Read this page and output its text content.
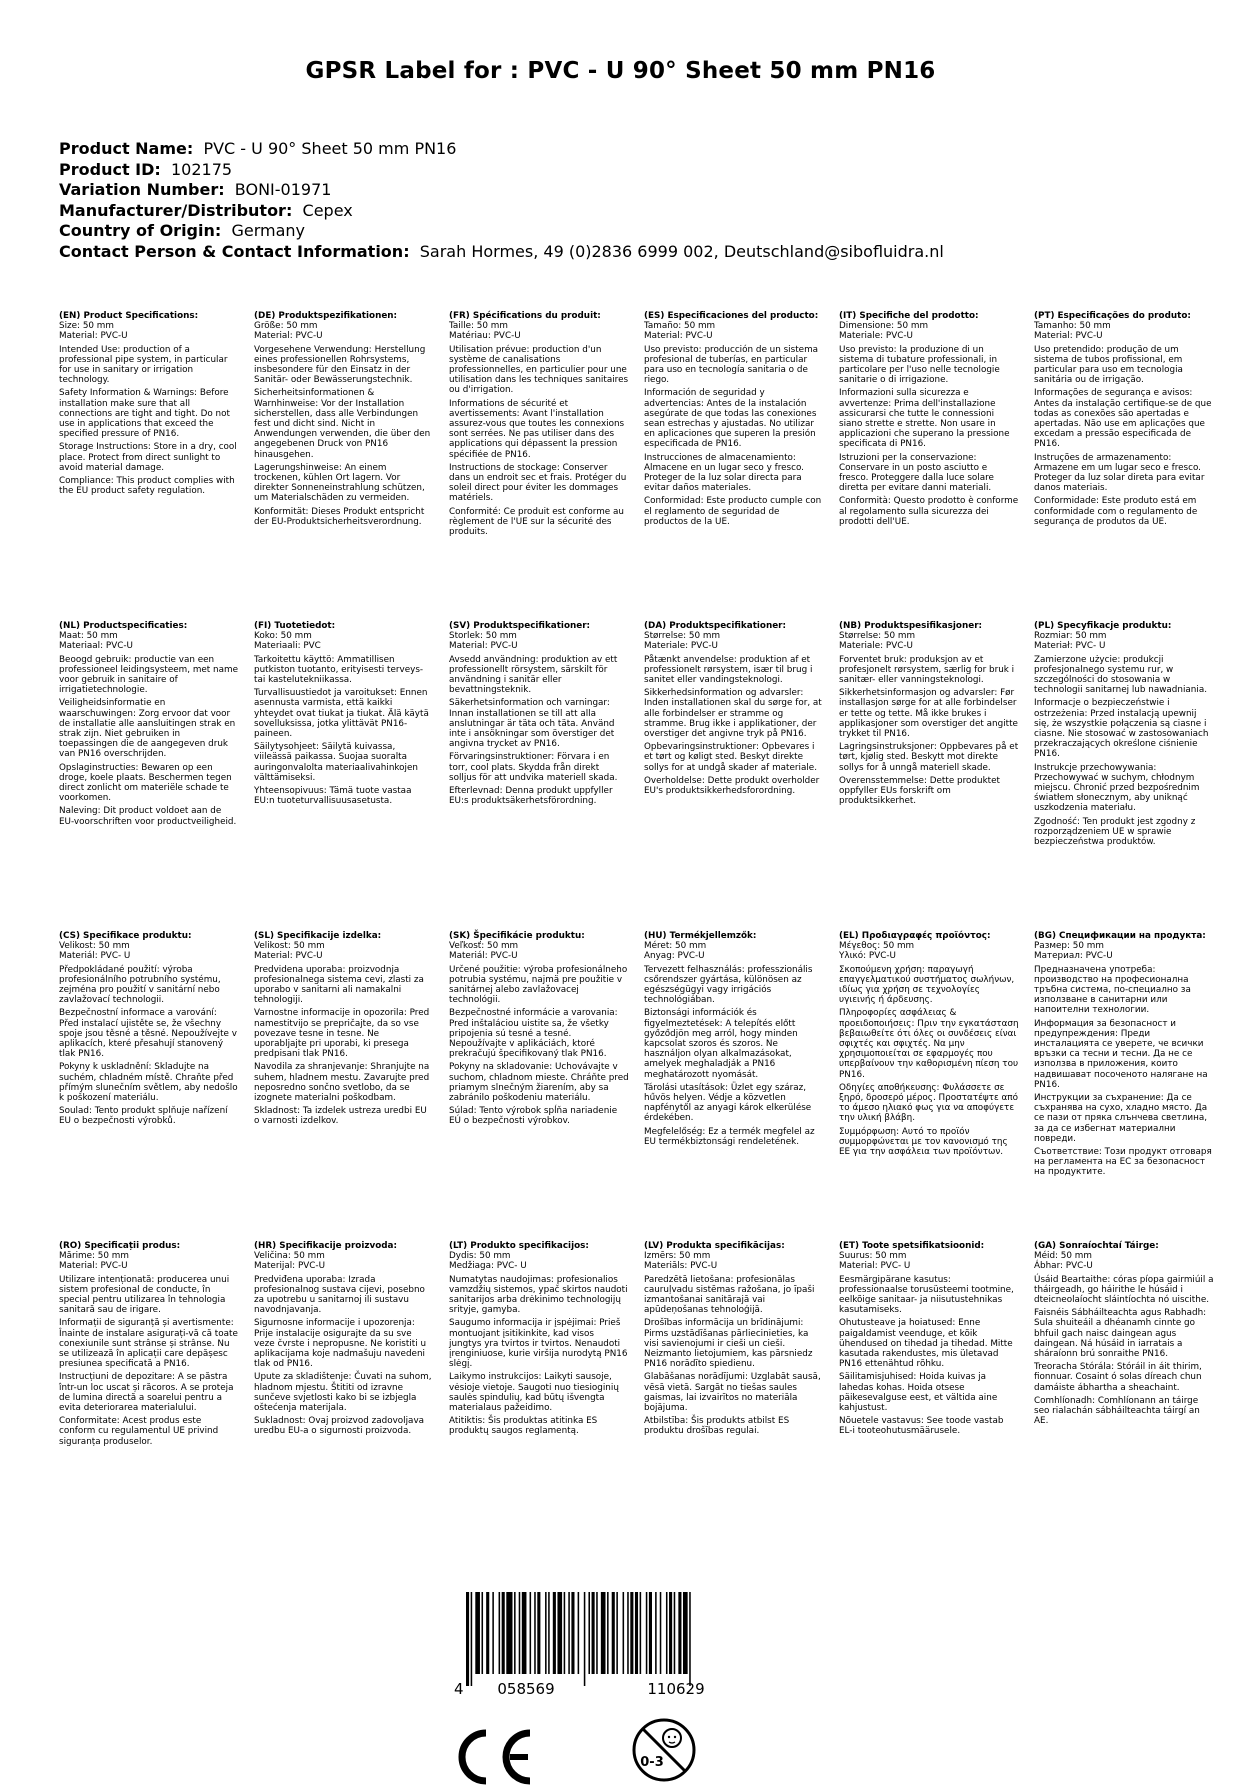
GPSR Label for : PVC - U 90° Sheet 50 mm PN16
Product Name: PVC - U 90° Sheet 50 mm PN16
Product ID: 102175
Variation Number: BONI-01971
Manufacturer/Distributor: Cepex
Country of Origin: Germany
Contact Person & Contact Information: Sarah Hormes, 49 (0)2836 6999 002, Deutschland@sibofluidra.nl

(EN) Product Specifications:

Size: 50 mm

Material: PVC-U

Intended Use: production of a professional pipe system, in particular for use in sanitary or irrigation technology.

Safety Information & Warnings: Before installation make sure that all connections are tight and tight. Do not use in applications that exceed the specified pressure of PN16.

Storage Instructions: Store in a dry, cool place. Protect from direct sunlight to avoid material damage.

Compliance: This product complies with the EU product safety regulation.

(DE) Produktspezifikationen:

Größe: 50 mm

Material: PVC-U

Vorgesehene Verwendung: Herstellung eines professionellen Rohrsystems, insbesondere für den Einsatz in der Sanitär- oder Bewässerungstechnik.

Sicherheitsinformationen & Warnhinweise: Vor der Installation sicherstellen, dass alle Verbindungen fest und dicht sind. Nicht in Anwendungen verwenden, die über den angegebenen Druck von PN16 hinausgehen.

Lagerungshinweise: An einem trockenen, kühlen Ort lagern. Vor direkter Sonneneinstrahlung schützen, um Materialschäden zu vermeiden.

Konformität: Dieses Produkt entspricht der EU-Produktsicherheitsverordnung.

(FR) Spécifications du produit:

Taille: 50 mm

Matériau: PVC-U

Utilisation prévue: production d'un système de canalisations professionnelles, en particulier pour une utilisation dans les techniques sanitaires ou d'irrigation.

Informations de sécurité et avertissements: Avant l'installation assurez-vous que toutes les connexions sont serrées. Ne pas utiliser dans des applications qui dépassent la pression spécifiée de PN16.

Instructions de stockage: Conserver dans un endroit sec et frais. Protéger du soleil direct pour éviter les dommages matériels.

Conformité: Ce produit est conforme au règlement de l'UE sur la sécurité des produits.

(ES) Especificaciones del producto:

Tamaño: 50 mm

Material: PVC-U

Uso previsto: producción de un sistema profesional de tuberías, en particular para uso en tecnología sanitaria o de riego.

Información de seguridad y advertencias: Antes de la instalación asegúrate de que todas las conexiones sean estrechas y ajustadas. No utilizar en aplicaciones que superen la presión especificada de PN16.

Instrucciones de almacenamiento: Almacene en un lugar seco y fresco. Proteger de la luz solar directa para evitar daños materiales.

Conformidad: Este producto cumple con el reglamento de seguridad de productos de la UE.

(IT) Specifiche del prodotto:

Dimensione: 50 mm

Materiale: PVC-U

Uso previsto: la produzione di un sistema di tubature professionali, in particolare per l'uso nelle tecnologie sanitarie o di irrigazione.

Informazioni sulla sicurezza e avvertenze: Prima dell'installazione assicurarsi che tutte le connessioni siano strette e strette. Non usare in applicazioni che superano la pressione specificata di PN16.

Istruzioni per la conservazione: Conservare in un posto asciutto e fresco. Proteggere dalla luce solare diretta per evitare danni materiali.

Conformità: Questo prodotto è conforme al regolamento sulla sicurezza dei prodotti dell'UE.

(PT) Especificações do produto:

Tamanho: 50 mm

Material: PVC-U

Uso pretendido: produção de um sistema de tubos profissional, em particular para uso em tecnologia sanitária ou de irrigação.

Informações de segurança e avisos: Antes da instalação certifique-se de que todas as conexões são apertadas e apertadas. Não use em aplicações que excedam a pressão especificada de PN16.

Instruções de armazenamento: Armazene em um lugar seco e fresco. Proteger da luz solar direta para evitar danos materiais.

Conformidade: Este produto está em conformidade com o regulamento de segurança de produtos da UE.

(NL) Productspecificaties:

Maat: 50 mm

Materiaal: PVC-U

Beoogd gebruik: productie van een professioneel leidingsysteem, met name voor gebruik in sanitaire of irrigatietechnologie.

Veiligheidsinformatie en waarschuwingen: Zorg ervoor dat voor de installatie alle aansluitingen strak en strak zijn. Niet gebruiken in toepassingen die de aangegeven druk van PN16 overschrijden.

Opslaginstructies: Bewaren op een droge, koele plaats. Beschermen tegen direct zonlicht om materiële schade te voorkomen.

Naleving: Dit product voldoet aan de EU-voorschriften voor productveiligheid.

(FI) Tuotetiedot:

Koko: 50 mm

Materiaali: PVC

Tarkoitettu käyttö: Ammatillisen putkiston tuotanto, erityisesti terveys- tai kastelutekniikassa.

Turvallisuustiedot ja varoitukset: Ennen asennusta varmista, että kaikki yhteydet ovat tiukat ja tiukat. Älä käytä sovelluksissa, jotka ylittävät PN16-paineen.

Säilytysohjeet: Säilytä kuivassa, viileässä paikassa. Suojaa suoralta auringonvalolta materiaalivahinkojen välttämiseksi.

Yhteensopivuus: Tämä tuote vastaa EU:n tuoteturvallisuusasetusta.

(SV) Produktspecifikationer:

Storlek: 50 mm

Material: PVC-U

Avsedd användning: produktion av ett professionellt rörsystem, särskilt för användning i sanitär eller bevattningsteknik.

Säkerhetsinformation och varningar: Innan installationen se till att alla anslutningar är täta och täta. Använd inte i ansökningar som överstiger det angivna trycket av PN16.

Förvaringsinstruktioner: Förvara i en torr, cool plats. Skydda från direkt solljus för att undvika materiell skada.

Efterlevnad: Denna produkt uppfyller EU:s produktsäkerhetsförordning.

(DA) Produktspecifikationer:

Størrelse: 50 mm

Materiale: PVC-U

Påtænkt anvendelse: produktion af et professionelt rørsystem, især til brug i sanitet eller vandingsteknologi.

Sikkerhedsinformation og advarsler: Inden installationen skal du sørge for, at alle forbindelser er stramme og stramme. Brug ikke i applikationer, der overstiger det angivne tryk på PN16.

Opbevaringsinstruktioner: Opbevares i et tørt og køligt sted. Beskyt direkte sollys for at undgå skader af materiale.

Overholdelse: Dette produkt overholder EU's produktsikkerhedsforordning.

(NB) Produktspesifikasjoner:

Størrelse: 50 mm

Materiale: PVC-U

Forventet bruk: produksjon av et profesjonelt rørsystem, særlig for bruk i sanitær- eller vanningsteknologi.

Sikkerhetsinformasjon og advarsler: Før installasjon sørge for at alle forbindelser er tette og tette. Må ikke brukes i applikasjoner som overstiger det angitte trykket til PN16.

Lagringsinstruksjoner: Oppbevares på et tørt, kjølig sted. Beskytt mot direkte sollys for å unngå materiell skade.

Overensstemmelse: Dette produktet oppfyller EUs forskrift om produktsikkerhet.

(PL) Specyfikacje produktu:

Rozmiar: 50 mm

Materiał: PVC- U

Zamierzone użycie: produkcji profesjonalnego systemu rur, w szczególności do stosowania w technologii sanitarnej lub nawadniania.

Informacje o bezpieczeństwie i ostrzeżenia: Przed instalacją upewnij się, że wszystkie połączenia są ciasne i ciasne. Nie stosować w zastosowaniach przekraczających określone ciśnienie PN16.

Instrukcje przechowywania: Przechowywać w suchym, chłodnym miejscu. Chronić przed bezpośrednim światłem słonecznym, aby uniknąć uszkodzenia materiału.

Zgodność: Ten produkt jest zgodny z rozporządzeniem UE w sprawie bezpieczeństwa produktów.

(CS) Specifikace produktu:

Velikost: 50 mm

Materiál: PVC- U

Předpokládané použití: výroba profesionálního potrubního systému, zejména pro použití v sanitární nebo zavlažovací technologii.

Bezpečnostní informace a varování: Před instalací ujistěte se, že všechny spoje jsou těsné a těsné. Nepoužívejte v aplikacích, které přesahují stanovený tlak PN16.

Pokyny k uskladnění: Skladujte na suchém, chladném místě. Chraňte před přímým slunečním světlem, aby nedošlo k poškození materiálu.

Soulad: Tento produkt splňuje nařízení EU o bezpečnosti výrobků.

(SL) Specifikacije izdelka:

Velikost: 50 mm

Material: PVC-U

Predvidena uporaba: proizvodnja profesionalnega sistema cevi, zlasti za uporabo v sanitarni ali namakalni tehnologiji.

Varnostne informacije in opozorila: Pred namestitvijo se prepričajte, da so vse povezave tesne in tesne. Ne uporabljajte pri uporabi, ki presega predpisani tlak PN16.

Navodila za shranjevanje: Shranjujte na suhem, hladnem mestu. Zavarujte pred neposredno sončno svetlobo, da se izognete materialni poškodbam.

Skladnost: Ta izdelek ustreza uredbi EU o varnosti izdelkov.

(SK) Špecifikácie produktu:

Veľkosť: 50 mm

Materiál: PVC-U

Určené použitie: výroba profesionálneho potrubia systému, najmä pre použitie v sanitárnej alebo zavlažovacej technológii.

Bezpečnostné informácie a varovania: Pred inštaláciou uistite sa, že všetky pripojenia sú tesné a tesné. Nepoužívajte v aplikáciách, ktoré prekračujú špecifikovaný tlak PN16.

Pokyny na skladovanie: Uchovávajte v suchom, chladnom mieste. Chráňte pred priamym slnečným žiarením, aby sa zabránilo poškodeniu materiálu.

Súlad: Tento výrobok spĺňa nariadenie EÚ o bezpečnosti výrobkov.

(HU) Termékjellemzők:

Méret: 50 mm

Anyag: PVC-U

Tervezett felhasználás: professzionális csőrendszer gyártása, különösen az egészségügyi vagy irrigációs technológiában.

Biztonsági információk és figyelmeztetések: A telepítés előtt győződjön meg arról, hogy minden kapcsolat szoros és szoros. Ne használjon olyan alkalmazásokat, amelyek meghaladják a PN16 meghatározott nyomását.

Tárolási utasítások: Üzlet egy száraz, hűvös helyen. Védje a közvetlen napfénytől az anyagi károk elkerülése érdekében.

Megfelelőség: Ez a termék megfelel az EU termékbiztonsági rendeletének.

(EL) Προδιαγραφές προϊόντος:

Μέγεθος: 50 mm

Υλικό: PVC-U

Σκοπούμενη χρήση: παραγωγή επαγγελματικού συστήματος σωλήνων, ιδίως για χρήση σε τεχνολογίες υγιεινής ή άρδευσης.

Πληροφορίες ασφάλειας & προειδοποιήσεις: Πριν την εγκατάσταση βεβαιωθείτε ότι όλες οι συνδέσεις είναι σφιχτές και σφιχτές. Να μην χρησιμοποιείται σε εφαρμογές που υπερβαίνουν την καθορισμένη πίεση του PN16.

Οδηγίες αποθήκευσης: Φυλάσσετε σε ξηρό, δροσερό μέρος. Προστατέψτε από το άμεσο ηλιακό φως για να αποφύγετε την υλική βλάβη.

Συμμόρφωση: Αυτό το προϊόν συμμορφώνεται με τον κανονισμό της ΕΕ για την ασφάλεια των προϊόντων.

(BG) Спецификации на продукта:

Размер: 50 mm

Материал: PVC-U

Предназначена употреба: производство на професионална тръбна система, по-специално за използване в санитарни или напоителни технологии.

Информация за безопасност и предупреждения: Преди инсталацията се уверете, че всички връзки са тесни и тесни. Да не се използва в приложения, които надвишават посоченото налягане на PN16.

Инструкции за съхранение: Да се съхранява на сухо, хладно място. Да се пази от пряка слънчева светлина, за да се избегнат материални повреди.

Съответствие: Този продукт отговаря на регламента на ЕС за безопасност на продуктите.

(RO) Specificații produs:

Mărime: 50 mm

Material: PVC-U

Utilizare intenționată: producerea unui sistem profesional de conducte, în special pentru utilizarea în tehnologia sanitară sau de irigare.

Informații de siguranță și avertismente: Înainte de instalare asigurați-vă că toate conexiunile sunt strânse și strânse. Nu se utilizează în aplicații care depășesc presiunea specificată a PN16.

Instrucțiuni de depozitare: A se păstra într-un loc uscat și răcoros. A se proteja de lumina directă a soarelui pentru a evita deteriorarea materialului.

Conformitate: Acest produs este conform cu regulamentul UE privind siguranța produselor.

(HR) Specifikacije proizvoda:

Veličina: 50 mm

Materijal: PVC-U

Predviđena uporaba: Izrada profesionalnog sustava cijevi, posebno za upotrebu u sanitarnoj ili sustavu navodnjavanja.

Sigurnosne informacije i upozorenja: Prije instalacije osigurajte da su sve veze čvrste i nepropusne. Ne koristiti u aplikacijama koje nadmašuju navedeni tlak od PN16.

Upute za skladištenje: Čuvati na suhom, hladnom mjestu. Štititi od izravne sunčeve svjetlosti kako bi se izbjegla oštećenja materijala.

Sukladnost: Ovaj proizvod zadovoljava uredbu EU-a o sigurnosti proizvoda.

(LT) Produkto specifikacijos:

Dydis: 50 mm

Medžiaga: PVC- U

Numatytas naudojimas: profesionalios vamzdžių sistemos, ypač skirtos naudoti sanitarijos arba drėkinimo technologijų srityje, gamyba.

Saugumo informacija ir įspėjimai: Prieš montuojant įsitikinkite, kad visos jungtys yra tvirtos ir tvirtos. Nenaudoti įrenginiuose, kurie viršija nurodytą PN16 slėgį.

Laikymo instrukcijos: Laikyti sausoje, vėsioje vietoje. Saugoti nuo tiesioginių saulės spindulių, kad būtų išvengta materialaus pažeidimo.

Atitiktis: Šis produktas atitinka ES produktų saugos reglamentą.

(LV) Produkta specifikācijas:

Izmērs: 50 mm

Materiāls: PVC-U

Paredzētā lietošana: profesionālas cauruļvadu sistēmas ražošana, jo īpaši izmantošanai sanitārajā vai apūdeņošanas tehnoloģijā.

Drošības informācija un brīdinājumi: Pirms uzstādīšanas pārliecinieties, ka visi savienojumi ir cieši un cieši. Neizmanto lietojumiem, kas pārsniedz PN16 norādīto spiedienu.

Glabāšanas norādījumi: Uzglabāt sausā, vēsā vietā. Sargāt no tiešas saules gaismas, lai izvairītos no materiāla bojājuma.

Atbilstība: Šis produkts atbilst ES produktu drošības regulai.

(ET) Toote spetsifikatsioonid:

Suurus: 50 mm

Material: PVC- U

Eesmärgipärane kasutus: professionaalse torusüsteemi tootmine, eelkõige sanitaar- ja niisutustehnikas kasutamiseks.

Ohutusteave ja hoiatused: Enne paigaldamist veenduge, et kõik ühendused on tihedad ja tihedad. Mitte kasutada rakendustes, mis ületavad PN16 ettenähtud rõhku.

Säilitamisjuhised: Hoida kuivas ja lahedas kohas. Hoida otsese päikesevalguse eest, et vältida aine kahjustust.

Nõuetele vastavus: See toode vastab EL-i tooteohutusmäärusele.

(GA) Sonraíochtaí Táirge:

Méid: 50 mm

Ábhar: PVC-U

Úsáid Beartaithe: córas píopa gairmiúil a tháirgeadh, go háirithe le húsáid i dteicneolaíocht sláintíochta nó uiscithe.

Faisnéis Sábháilteachta agus Rabhadh: Sula shuiteáil a dhéanamh cinnte go bhfuil gach naisc daingean agus daingean. Ná húsáid in iarratais a sháraíonn brú sonraithe PN16.

Treoracha Stórála: Stóráil in áit thirim, fionnuar. Cosaint ó solas díreach chun damáiste ábhartha a sheachaint.

Comhlíonadh: Comhlíonann an táirge seo rialachán sábháilteachta táirgí an AE.

4 058569	110629
0-3
